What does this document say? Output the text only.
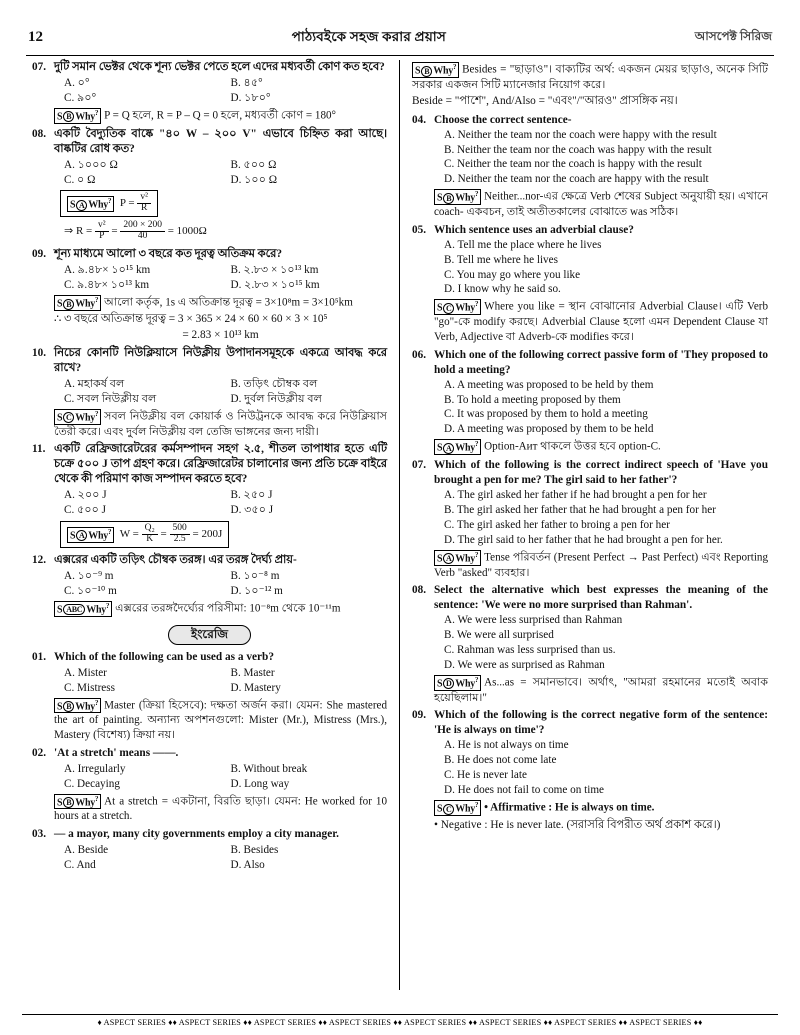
12	পাঠ্যবইকে সহজ করার প্রয়াস	আসপেক্ট সিরিজ
07. দুটি সমান ভেক্টর থেকে শূন্য ভেক্টর পেতে হলে এদের মধ্যবর্তী কোণ কত হবে?
A. ০°	B. ৪৫°
C. ৯০°	D. ১৮০°
S B Why? P = Q হলে, R = P – Q = 0 হলে, মধ্যবর্তী কোণ = 180°
08. একটি বৈদ্যুতিক বাষ্কে "৪০ W – ২০০ V" এভাবে চিহ্নিত করা আছে। বাষ্কটির রোধ কত?
A. ১০০০ Ω	B. ৫০০ Ω
C. ০ Ω	D. ১০০ Ω
S A Why? $P = \frac{\text{v²}}{R}$
⇒ $R = \frac{\text{v²}}{P} = \frac{200 \times 200}{40} = 1000\Omega$
09. শূন্য মাধ্যমে আলো ৩ বছরে কত দূরত্ব অতিক্রম করে?
A. ৯.৪৮× ১০¹⁵ km	B. ২.৮৩ × ১০¹³ km
C. ৯.৪৮× ১০¹³ km	D. ২.৮৩ × ১০¹⁵ km
S B Why? আলো কর্তৃক, 1s এ অতিক্রান্ত দূরত্ব = 3×10⁸m = 3×10⁵km
∴ ৩ বছরে অতিক্রান্ত দূরত্ব = 3 × 365 × 24 × 60 × 60 × 3 × 10⁵
= 2.83 × 10¹³ km
10. নিচের কোনটি নিউক্লিয়াসে নিউক্লীয় উপাদানসমূহকে একত্রে আবদ্ধ করে রাখে?
A. মহাকর্ষ বল	B. তড়িৎ চৌম্বক বল
C. সবল নিউক্লীয় বল	D. দুর্বল নিউক্লীয় বল
S C Why? সবল নিউক্লীয় বল কোয়ার্ক ও নিউট্রনকে আবদ্ধ করে নিউক্লিয়াস তৈরী করে। এবং দুর্বল নিউক্লীয় বল তেজি ভাঙ্গনের জন্য দায়ী।
11. একটি রেফ্রিজারেটরের কর্মসম্পাদন সহগ ২.৫, শীতল তাপাধার হতে এটি চক্রে ৫০০ J তাপ গ্রহণ করে। রেফ্রিজারেটর চালানোর জন্য প্রতি চক্রে বাইরে থেকে কী পরিমাণ কাজ সম্পাদন করতে হবে?
A. ২০০ J	B. ২৫০ J
C. ৫০০ J	D. ৩৫০ J
S A Why? $W = \frac{\text{Q₂}}{K} = \frac{500}{2.5} = 200J$
12. এক্সরের একটি তড়িৎ চৌম্বক তরঙ্গ। এর তরঙ্গ দৈর্ঘ্য প্রায়-
A. ১০⁻⁹ m	B. ১০⁻⁸ m
C. ১০⁻¹⁰ m	D. ১০⁻¹² m
S ABC Why? এক্সরের তরঙ্গদৈর্ঘ্যের পরিসীমা: 10⁻⁸m থেকে 10⁻¹¹m
ইংরেজি
01. Which of the following can be used as a verb?
A. Mister	B. Master
C. Mistress	D. Mastery
S B Why? Master (ক্রিয়া হিসেবে): দক্ষতা অর্জন করা। যেমন: She mastered the art of painting. অন্যান্য অপশনগুলো: Mister (Mr.), Mistress (Mrs.), Mastery (বিশেষ্য) ক্রিয়া নয়।
02. 'At a stretch' means ——.
A. Irregularly	B. Without break
C. Decaying	D. Long way
S B Why? At a stretch = একটানা, বিরতি ছাড়া। যেমন: He worked for 10 hours at a stretch.
03. — a mayor, many city governments employ a city manager.
A. Beside	B. Besides
C. And	D. Also
S B Why? Besides = "ছাড়াও"। বাক্যটির অর্থ: একজন মেয়র ছাড়াও, অনেক সিটি সরকার একজন সিটি ম্যানেজার নিয়োগ করে।
Beside = "পাশে", And/Also = "এবং"/"আরও" প্রাসঙ্গিক নয়।
04. Choose the correct sentence-
A. Neither the team nor the coach were happy with the result
B. Neither the team nor the coach was happy with the result
C. Neither the team nor the coach is happy with the result
D. Neither the team nor the coach are happy with the result
S B Why? Neither...nor-এর ক্ষেত্রে Verb শেষের Subject অনুযায়ী হয়। এখানে coach- একবচন, তাই অতীতকালের বোঝাতে was সঠিক।
05. Which sentence uses an adverbial clause?
A. Tell me the place where he lives
B. Tell me where he lives
C. You may go where you like
D. I know why he said so.
S C Why? Where you like = স্থান বোঝানোর Adverbial Clause। এটি Verb "go"-কে modify করছে। Adverbial Clause হলো এমন Dependent Clause যা Verb, Adjective বা Adverb-কে modifies করে।
06. Which one of the following correct passive form of 'They proposed to hold a meeting?
A. A meeting was proposed to be held by them
B. To hold a meeting proposed by them
C. It was proposed by them to hold a meeting
D. A meeting was proposed by them to be held
S A Why? Option-Aит থাকলে উত্তর হবে option-C.
07. Which of the following is the correct indirect speech of 'Have you brought a pen for me? The girl said to her father'?
A. The girl asked her father if he had brought a pen for her
B. The girl asked her father that he had brought a pen for her
C. The girl asked her father to broing a pen for her
D. The girl said to her father that he had brought a pen for her.
S A Why? Tense পরিবর্তন (Present Perfect → Past Perfect) এবং Reporting Verb "asked" ব্যবহার।
08. Select the alternative which best expresses the meaning of the sentence: 'We were no more surprised than Rahman'.
A. We were less surprised than Rahman
B. We were all surprised
C. Rahman was less surprised than us.
D. We were as surprised as Rahman
S D Why? As...as = সমানভাবে। অর্থাৎ, "আমরা রহমানের মতোই অবাক হয়েছিলাম।"
09. Which of the following is the correct negative form of the sentence: 'He is always on time'?
A. He is not always on time
B. He does not come late
C. He is never late
D. He does not fail to come on time
S C Why? • Affirmative : He is always on time.
• Negative : He is never late. (সরাসরি বিপরীত অর্থ প্রকাশ করে।)
♦ ASPECT SERIES ♦♦ ASPECT SERIES ♦♦ ASPECT SERIES ♦♦ ASPECT SERIES ♦♦ ASPECT SERIES ♦♦ ASPECT SERIES ♦♦ ASPECT SERIES ♦♦ ASPECT SERIES ♦♦
